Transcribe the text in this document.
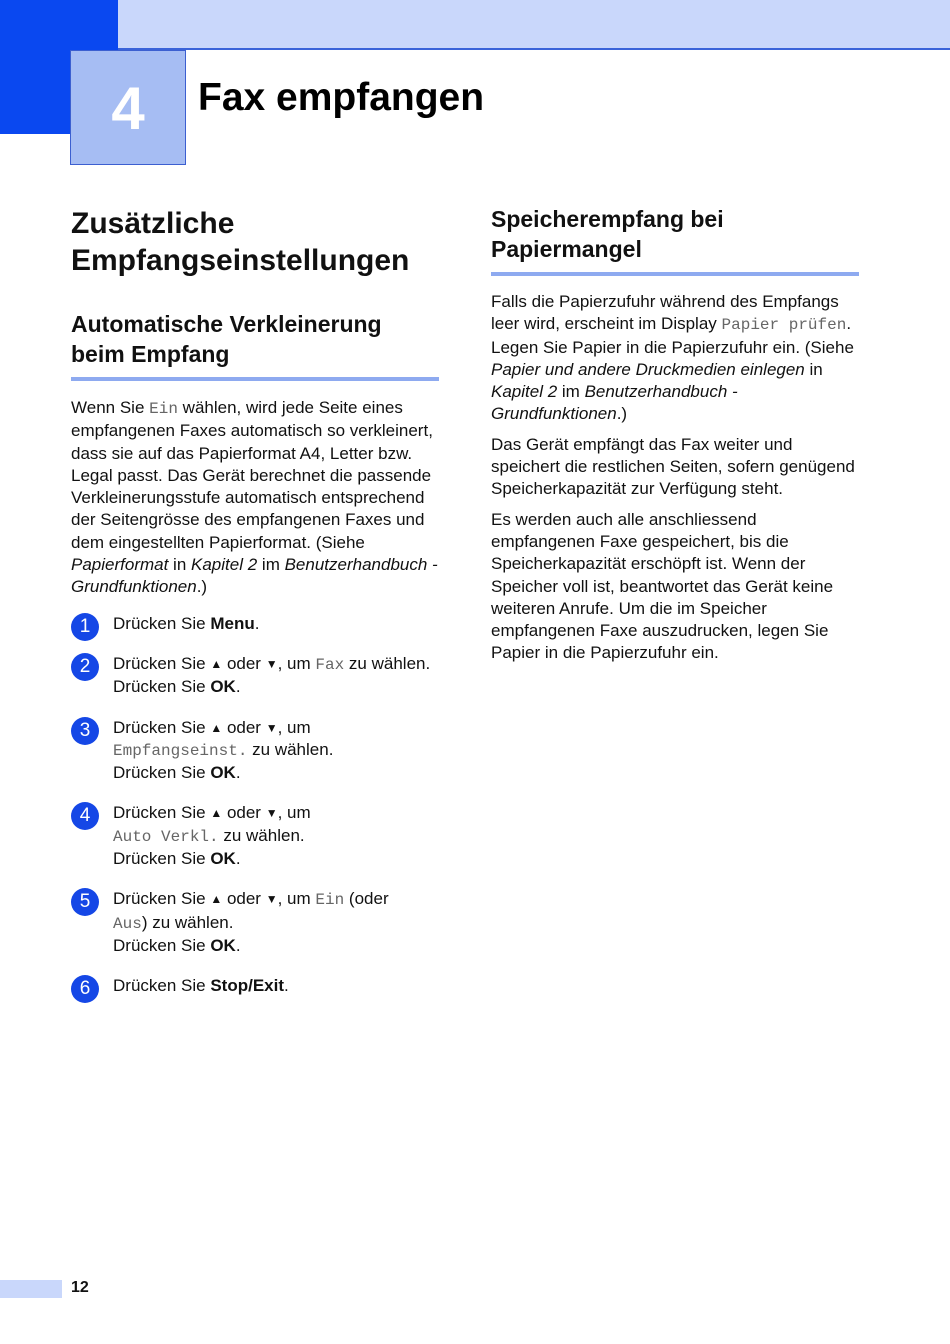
4	Fax empfangen
Zusätzliche Empfangseinstellungen
Automatische Verkleinerung beim Empfang

Wenn Sie Ein wählen, wird jede Seite eines empfangenen Faxes automatisch so verkleinert, dass sie auf das Papierformat A4, Letter bzw. Legal passt. Das Gerät berechnet die passende Verkleinerungsstufe automatisch entsprechend der Seitengrösse des empfangenen Faxes und dem eingestellten Papierformat. (Siehe Papierformat in Kapitel 2 im Benutzerhandbuch - Grundfunktionen.)

1	Drücken Sie Menu.

2	Drücken Sie ▲ oder ▼, um Fax zu wählen.
Drücken Sie OK.

3	Drücken Sie ▲ oder ▼, um
Empfangseinst. zu wählen.
Drücken Sie OK.

4	Drücken Sie ▲ oder ▼, um
Auto Verkl. zu wählen.
Drücken Sie OK.

5	Drücken Sie ▲ oder ▼, um Ein (oder
Aus) zu wählen.
Drücken Sie OK.

6	Drücken Sie Stop/Exit.

Speicherempfang bei Papiermangel

Falls die Papierzufuhr während des Empfangs leer wird, erscheint im Display Papier prüfen. Legen Sie Papier in die Papierzufuhr ein. (Siehe Papier und andere Druckmedien einlegen in Kapitel 2 im Benutzerhandbuch - Grundfunktionen.)

Das Gerät empfängt das Fax weiter und speichert die restlichen Seiten, sofern genügend Speicherkapazität zur Verfügung steht.

Es werden auch alle anschliessend empfangenen Faxe gespeichert, bis die Speicherkapazität erschöpft ist. Wenn der Speicher voll ist, beantwortet das Gerät keine weiteren Anrufe. Um die im Speicher empfangenen Faxe auszudrucken, legen Sie Papier in die Papierzufuhr ein.

12
